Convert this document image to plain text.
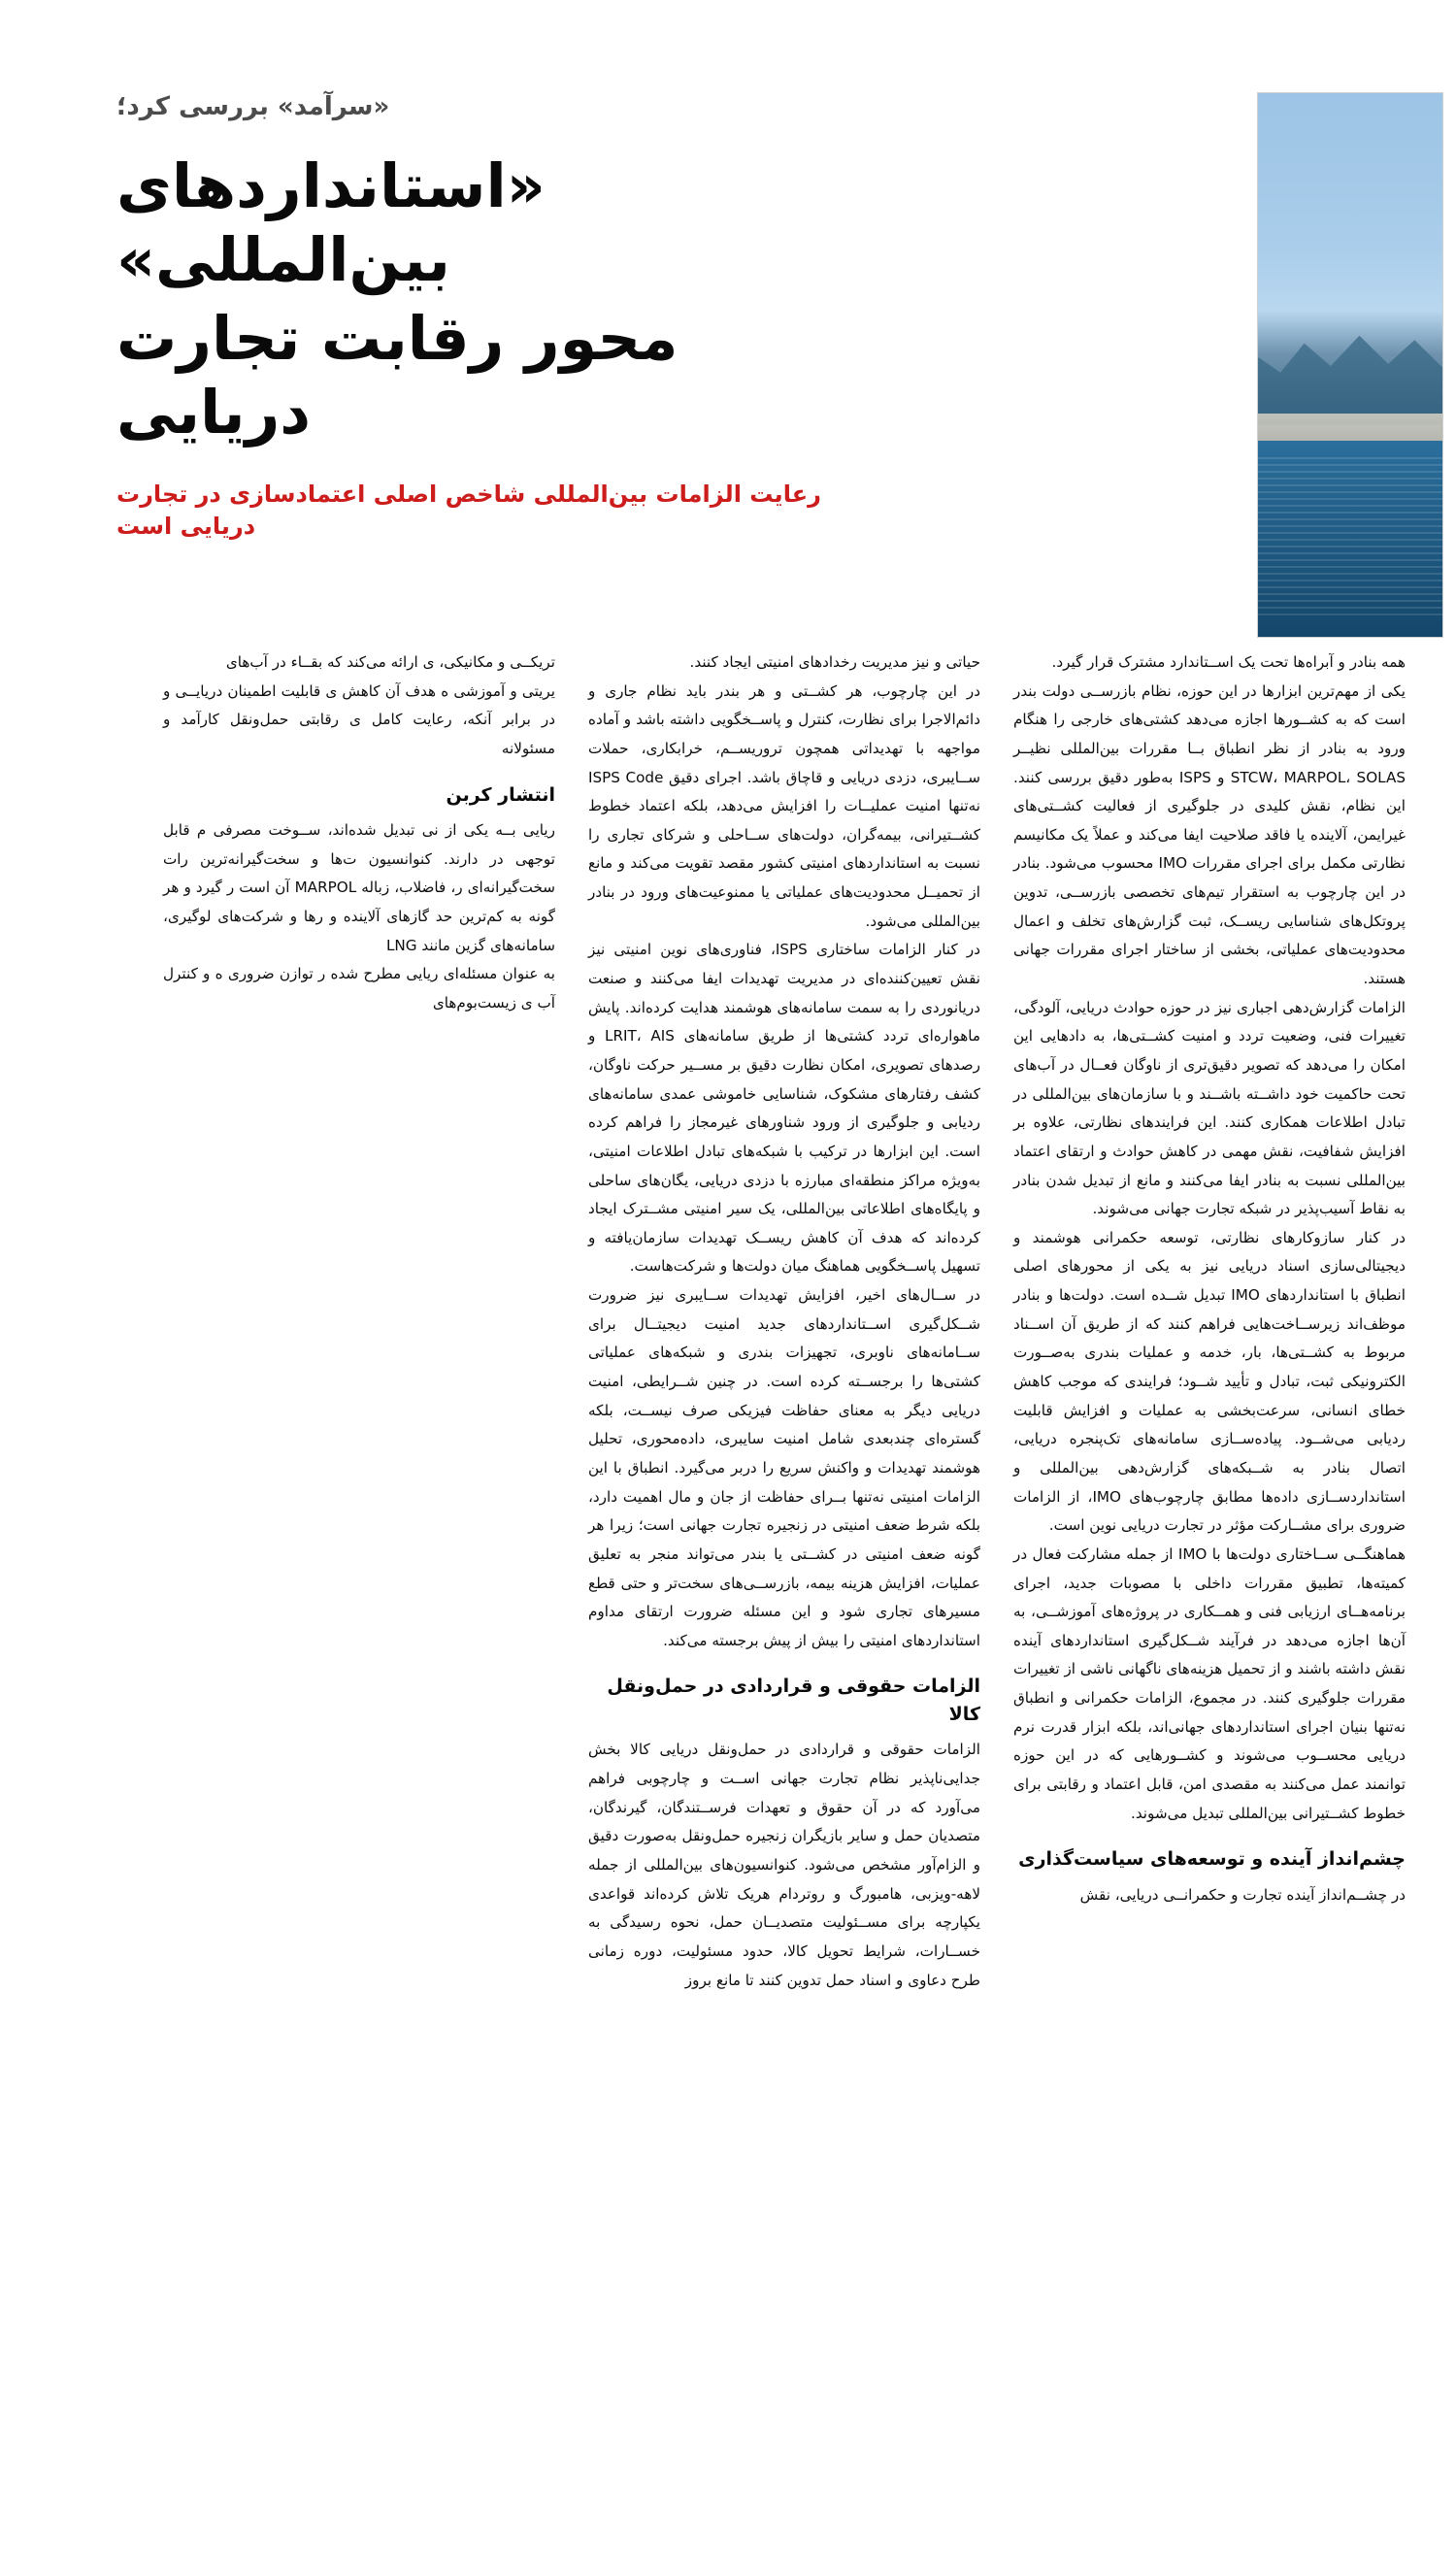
«سرآمد» بررسی کرد؛
«استانداردهای بین‌المللی»
محور رقابت تجارت دریایی
رعایت الزامات بین‌المللی شاخص اصلی اعتمادسازی در تجارت دریایی است

همه بنادر و آبراه‌ها تحت یک اســتاندارد مشترک قرار گیرد.

یکی از مهم‌ترین ابزارها در این حوزه، نظام بازرســی دولت بندر است که به کشــورها اجازه می‌دهد کشتی‌های خارجی را هنگام ورود به بنادر از نظر انطباق بــا مقررات بین‌المللی نظیــر STCW، MARPOL، SOLAS و ISPS به‌طور دقیق بررسی کنند. این نظام، نقش کلیدی در جلوگیری از فعالیت کشــتی‌های غیرایمن، آلاینده یا فاقد صلاحیت ایفا می‌کند و عملاً یک مکانیسم نظارتی مکمل برای اجرای مقررات IMO محسوب می‌شود. بنادر در این چارچوب به استقرار تیم‌های تخصصی بازرســی، تدوین پروتکل‌های شناسایی ریســک، ثبت گزارش‌های تخلف و اعمال محدودیت‌های عملیاتی، بخشی از ساختار اجرای مقررات جهانی هستند.

الزامات گزارش‌دهی اجباری نیز در حوزه حوادث دریایی، آلودگی، تغییرات فنی، وضعیت تردد و امنیت کشــتی‌ها، به دادهایی این امکان را می‌دهد که تصویر دقیق‌تری از ناوگان فعــال در آب‌های تحت حاکمیت خود داشــته باشــند و با سازمان‌های بین‌المللی در تبادل اطلاعات همکاری کنند. این فرایندهای نظارتی، علاوه بر افزایش شفافیت، نقش مهمی در کاهش حوادث و ارتقای اعتماد بین‌المللی نسبت به بنادر ایفا می‌کنند و مانع از تبدیل شدن بنادر به نقاط آسیب‌پذیر در شبکه تجارت جهانی می‌شوند.

در کنار سازوکارهای نظارتی، توسعه حکمرانی هوشمند و دیجیتالی‌سازی اسناد دریایی نیز به یکی از محورهای اصلی انطباق با استانداردهای IMO تبدیل شــده است. دولت‌ها و بنادر موظف‌اند زیرســاخت‌هایی فراهم کنند که از طریق آن اســناد مربوط به کشــتی‌ها، بار، خدمه و عملیات بندری به‌صــورت الکترونیکی ثبت، تبادل و تأیید شــود؛ فرایندی که موجب کاهش خطای انسانی، سرعت‌بخشی به عملیات و افزایش قابلیت ردیابی می‌شــود. پیاده‌ســازی سامانه‌های تک‌پنجره دریایی، اتصال بنادر به شــبکه‌های گزارش‌دهی بین‌المللی و استانداردســازی داده‌ها مطابق چارچوب‌های IMO، از الزامات ضروری برای مشــارکت مؤثر در تجارت دریایی نوین است.

هماهنگــی ســاختاری دولت‌ها با IMO از جمله مشارکت فعال در کمیته‌ها، تطبیق مقررات داخلی با مصوبات جدید، اجرای برنامه‌هــای ارزیابی فنی و همــکاری در پروژه‌های آموزشــی، به آن‌ها اجازه می‌دهد در فرآیند شــکل‌گیری استانداردهای آینده نقش داشته باشند و از تحمیل هزینه‌های ناگهانی ناشی از تغییرات مقررات جلوگیری کنند. در مجموع، الزامات حکمرانی و انطباق نه‌تنها بنیان اجرای استانداردهای جهانی‌اند، بلکه ابزار قدرت نرم دریایی محســوب می‌شوند و کشــورهایی که در این حوزه توانمند عمل می‌کنند به مقصدی امن، قابل اعتماد و رقابتی برای خطوط کشــتیرانی بین‌المللی تبدیل می‌شوند.

چشم‌انداز آینده و توسعه‌های سیاست‌گذاری

در چشــم‌انداز آینده تجارت و حکمرانــی دریایی، نقش

حیاتی و نیز مدیریت رخدادهای امنیتی ایجاد کنند.

در این چارچوب، هر کشــتی و هر بندر باید نظام جاری و دائم‌الاجرا برای نظارت، کنترل و پاســخگویی داشته باشد و آماده مواجهه با تهدیداتی همچون تروریســم، خرابکاری، حملات ســایبری، دزدی دریایی و قاچاق باشد. اجرای دقیق ISPS Code نه‌تنها امنیت عملیــات را افزایش می‌دهد، بلکه اعتماد خطوط کشــتیرانی، بیمه‌گران، دولت‌های ســاحلی و شرکای تجاری را نسبت به استانداردهای امنیتی کشور مقصد تقویت می‌کند و مانع از تحمیــل محدودیت‌های عملیاتی یا ممنوعیت‌های ورود در بنادر بین‌المللی می‌شود.

در کنار الزامات ساختاری ISPS، فناوری‌های نوین امنیتی نیز نقش تعیین‌کننده‌ای در مدیریت تهدیدات ایفا می‌کنند و صنعت دریانوردی را به سمت سامانه‌های هوشمند هدایت کرده‌اند. پایش ماهواره‌ای تردد کشتی‌ها از طریق سامانه‌های LRIT، AIS و رصدهای تصویری، امکان نظارت دقیق بر مســیر حرکت ناوگان، کشف رفتارهای مشکوک، شناسایی خاموشی عمدی سامانه‌های ردیابی و جلوگیری از ورود شناورهای غیرمجاز را فراهم کرده است. این ابزارها در ترکیب با شبکه‌های تبادل اطلاعات امنیتی، به‌ویژه مراکز منطقه‌ای مبارزه با دزدی دریایی، یگان‌های ساحلی و پایگاه‌های اطلاعاتی بین‌المللی، یک سیر امنیتی مشــترک ایجاد کرده‌اند که هدف آن کاهش ریســک تهدیدات سازمان‌یافته و تسهیل پاســخگویی هماهنگ میان دولت‌ها و شرکت‌هاست.

در ســال‌های اخیر، افزایش تهدیدات ســایبری نیز ضرورت شــکل‌گیری اســتانداردهای جدید امنیت دیجیتــال برای ســامانه‌های ناوبری، تجهیزات بندری و شبکه‌های عملیاتی کشتی‌ها را برجســته کرده است. در چنین شــرایطی، امنیت دریایی دیگر به معنای حفاظت فیزیکی صرف نیســت، بلکه گستره‌ای چندبعدی شامل امنیت سایبری، داده‌محوری، تحلیل هوشمند تهدیدات و واکنش سریع را دربر می‌گیرد. انطباق با این الزامات امنیتی نه‌تنها بــرای حفاظت از جان و مال اهمیت دارد، بلکه شرط ضعف امنیتی در زنجیره تجارت جهانی است؛ زیرا هر گونه ضعف امنیتی در کشــتی یا بندر می‌تواند منجر به تعلیق عملیات، افزایش هزینه بیمه، بازرســی‌های سخت‌تر و حتی قطع مسیرهای تجاری شود و این مسئله ضرورت ارتقای مداوم استانداردهای امنیتی را بیش از پیش برجسته می‌کند.

الزامات حقوقی و قراردادی در حمل‌ونقل کالا

الزامات حقوقی و قراردادی در حمل‌ونقل دریایی کالا بخش جدایی‌ناپذیر نظام تجارت جهانی اســت و چارچوبی فراهم می‌آورد که در آن حقوق و تعهدات فرســتندگان، گیرندگان، متصدیان حمل و سایر بازیگران زنجیره حمل‌ونقل به‌صورت دقیق و الزام‌آور مشخص می‌شود. کنوانسیون‌های بین‌المللی از جمله لاهه-ویزبی، هامبورگ و روتردام هریک تلاش کرده‌اند قواعدی یکپارچه برای مســئولیت متصدیــان حمل، نحوه رسیدگی به خســارات، شرایط تحویل کالا، حدود مسئولیت، دوره زمانی طرح دعاوی و اسناد حمل تدوین کنند تا مانع بروز

تریکــی و مکانیکی، ی ارائه می‌کند که بقــاء در آب‌های

یریتی و آموزشی ه هدف آن کاهش ی قابلیت اطمینان دریایــی و در برابر آنکه، رعایت کامل ی رقابتی حمل‌ونقل کارآمد و مسئولانه

انتشار کربن

ریایی بــه یکی از نی تبدیل شده‌اند، ســوخت مصرفی م قابل توجهی در دارند. کنوانسیون ت‌ها و سخت‌گیرانه‌ترین رات سخت‌گیرانه‌ای ر، فاضلاب، زباله MARPOL آن است ر گیرد و هر گونه به کم‌ترین حد گازهای آلاینده و رها و شرکت‌های لوگیری، سامانه‌های گزین مانند LNG

به عنوان مسئله‌ای ریایی مطرح شده ر توازن ضروری ه و کنترل آب ی زیست‌بوم‌های
